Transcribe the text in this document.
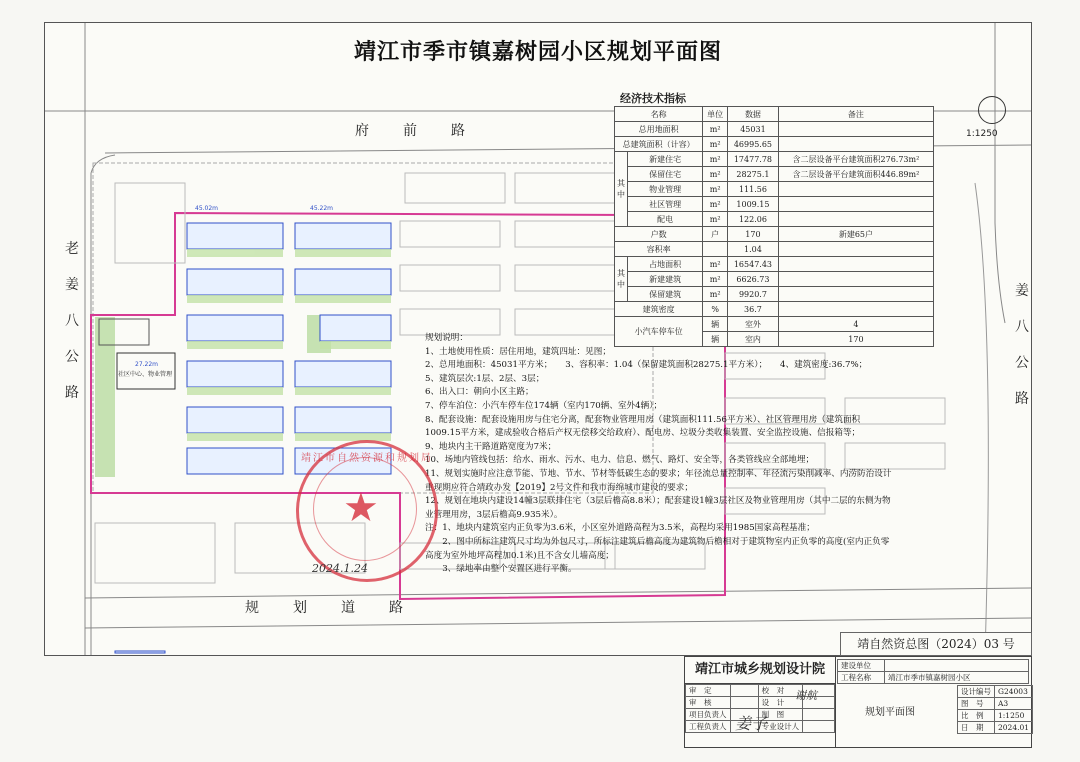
靖江市季市镇嘉树园小区规划平面图
府　前　路
规　划　道　路
老
姜
八
公
路
姜
八
公
路
社区中心、物业管理
45.02m	45.22m
27.22m
1:1250
经济技术指标
名称		单位	数据	备注
总用地面积		m²	45031	
总建筑面积（计容）		m²	46995.65	
其
中	新建住宅	m²	17477.78	含二层设备平台建筑面积276.73m²
	保留住宅	m²	28275.1	含二层设备平台建筑面积446.89m²
	物业管理	m²	111.56	
	社区管理	m²	1009.15	
	配电	m²	122.06	
户数		户	170	新建65户
容积率			1.04	
其
中	占地面积	m²	16547.43	
	新建建筑	m²	6626.73	
	保留建筑	m²	9920.7	
建筑密度		%	36.7	
小汽车停车位		辆	室外	4
		辆	室内	170
规划说明：
1、土地使用性质：居住用地，建筑四址：见图；
2、总用地面积：45031平方米；　　3、容积率：1.04（保留建筑面积28275.1平方米）；　　4、建筑密度:36.7%；
5、建筑层次:1层、2层、3层；
6、出入口：朝向小区主路；
7、停车泊位：小汽车停车位174辆（室内170辆、室外4辆）；
8、配套设施：配套设施用房与住宅分离，配套物业管理用房（建筑面积111.56平方米）、社区管理用房（建筑面积1009.15平方米，建成验收合格后产权无偿移交给政府）、配电房、垃圾分类收集装置、安全监控设施、信报箱等；
9、地块内主干路道路宽度为7米；
10、场地内管线包括：给水、雨水、污水、电力、信息、燃气、路灯、安全等，各类管线应全部地埋；
11、规划实施时应注意节能、节地、节水、节材等低碳生态的要求；年径流总量控制率、年径流污染削减率、内涝防治设计重现期应符合靖政办发【2019】2号文件和我市海绵城市建设的要求；
12、规划在地块内建设14幢3层联排住宅（3层后檐高8.8米）；配套建设1幢3层社区及物业管理用房（其中二层的东侧为物业管理用房，3层后檐高9.935米）。
注：1、地块内建筑室内正负零为3.6米，小区室外道路高程为3.5米，高程均采用1985国家高程基准；
　　2、图中所标注建筑尺寸均为外包尺寸，所标注建筑后檐高度为建筑物后檐相对于建筑物室内正负零的高度(室内正负零高度为室外地坪高程加0.1米)且不含女儿墙高度；
　　3、绿地率由整个安置区进行平衡。
靖江市自然资源和规划局
★
2024.1.24
靖自然资总图（2024）03 号
靖江市城乡规划设计院
审　定		校　对	
审　核		设　计	
项目负责人		制　图	
工程负责人		专业设计人	
姜子
谢航
建设单位	
工程名称	靖江市季市镇嘉树园小区
规划平面图
设计编号	G24003
图　号	A3
比　例	1:1250
日　期	2024.01
